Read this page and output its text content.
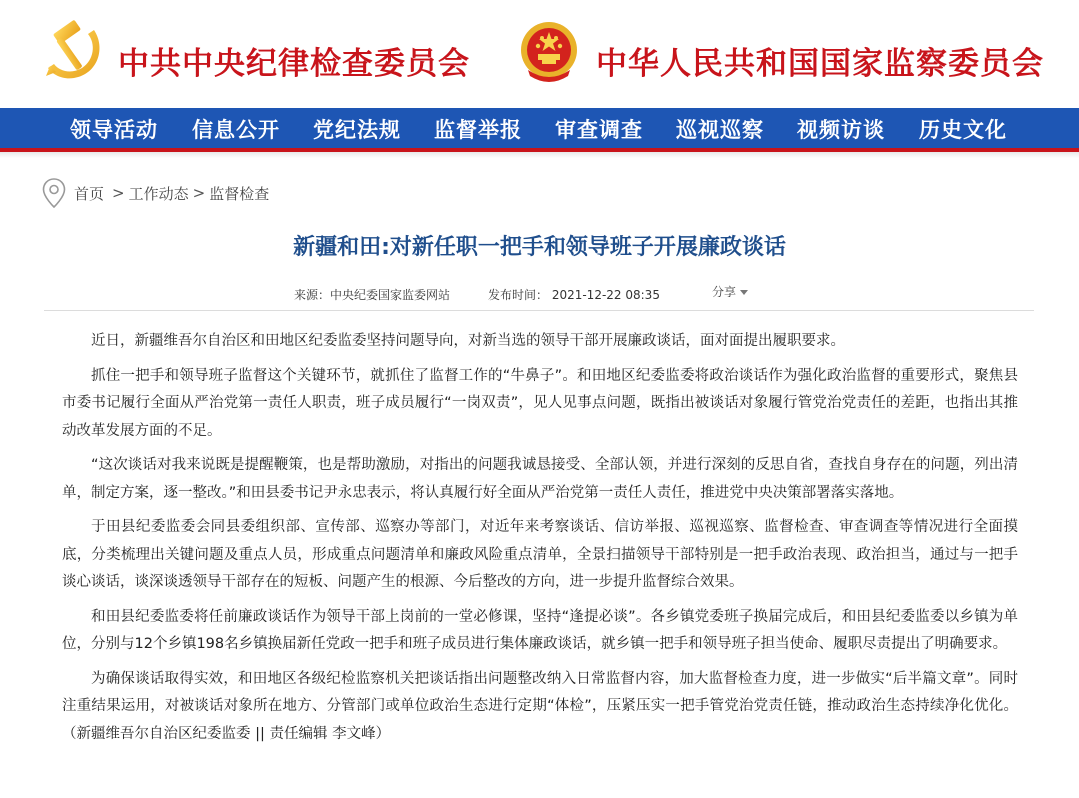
中共中央纪律检查委员会	中华人民共和国国家监察委员会
领导活动 信息公开 党纪法规 监督举报 审查调查 巡视巡察 视频访谈 历史文化
首页 > 工作动态 > 监督检查
新疆和田:对新任职一把手和领导班子开展廉政谈话
来源：中央纪委国家监委网站	发布时间： 2021-12-22 08:35	分享

近日，新疆维吾尔自治区和田地区纪委监委坚持问题导向，对新当选的领导干部开展廉政谈话，面对面提出履职要求。

抓住一把手和领导班子监督这个关键环节，就抓住了监督工作的“牛鼻子”。和田地区纪委监委将政治谈话作为强化政治监督的重要形式，聚焦县市委书记履行全面从严治党第一责任人职责，班子成员履行“一岗双责”，见人见事点问题，既指出被谈话对象履行管党治党责任的差距，也指出其推动改革发展方面的不足。

“这次谈话对我来说既是提醒鞭策，也是帮助激励，对指出的问题我诚恳接受、全部认领，并进行深刻的反思自省，查找自身存在的问题，列出清单，制定方案，逐一整改。”和田县委书记尹永忠表示，将认真履行好全面从严治党第一责任人责任，推进党中央决策部署落实落地。

于田县纪委监委会同县委组织部、宣传部、巡察办等部门，对近年来考察谈话、信访举报、巡视巡察、监督检查、审查调查等情况进行全面摸底，分类梳理出关键问题及重点人员，形成重点问题清单和廉政风险重点清单，全景扫描领导干部特别是一把手政治表现、政治担当，通过与一把手谈心谈话，谈深谈透领导干部存在的短板、问题产生的根源、今后整改的方向，进一步提升监督综合效果。

和田县纪委监委将任前廉政谈话作为领导干部上岗前的一堂必修课，坚持“逢提必谈”。各乡镇党委班子换届完成后，和田县纪委监委以乡镇为单位，分别与12个乡镇198名乡镇换届新任党政一把手和班子成员进行集体廉政谈话，就乡镇一把手和领导班子担当使命、履职尽责提出了明确要求。

为确保谈话取得实效，和田地区各级纪检监察机关把谈话指出问题整改纳入日常监督内容，加大监督检查力度，进一步做实“后半篇文章”。同时注重结果运用，对被谈话对象所在地方、分管部门或单位政治生态进行定期“体检”，压紧压实一把手管党治党责任链，推动政治生态持续净化优化。（新疆维吾尔自治区纪委监委 || 责任编辑 李文峰）
